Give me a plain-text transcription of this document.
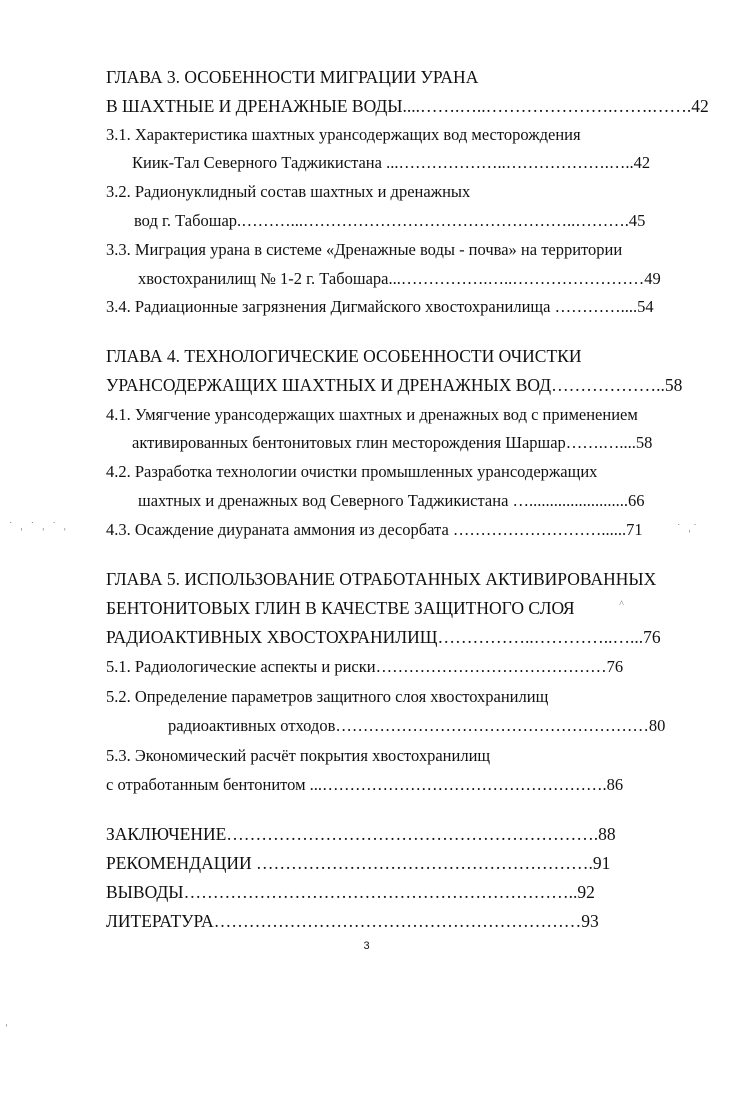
ГЛАВА 3. ОСОБЕННОСТИ МИГРАЦИИ УРАНА
В ШАХТНЫЕ И ДРЕНАЖНЫЕ ВОДЫ....…….…..………………….…….…….42
3.1. Характеристика шахтных урансодержащих вод месторождения
Киик-Тал Северного Таджикистана ...………………..……………….…..42
3.2. Радионуклидный состав шахтных и дренажных
вод г. Табошар.………...…………………………………………..……….45
3.3. Миграция урана в системе «Дренажные воды - почва» на территории
хвостохранилищ № 1-2 г. Табошара...…………….…..……………………49
3.4. Радиационные загрязнения Дигмайского хвостохранилища …………....54
ГЛАВА 4. ТЕХНОЛОГИЧЕСКИЕ ОСОБЕННОСТИ ОЧИСТКИ
УРАНСОДЕРЖАЩИХ ШАХТНЫХ И ДРЕНАЖНЫХ ВОД………………..58
4.1. Умягчение урансодержащих шахтных и дренажных вод с применением
активированных бентонитовых глин месторождения Шаршар…….…....58
4.2. Разработка технологии очистки промышленных урансодержащих
шахтных и дренажных вод Северного Таджикистана …........................66
4.3. Осаждение диураната аммония из десорбата ………………………......71
ГЛАВА 5. ИСПОЛЬЗОВАНИЕ ОТРАБОТАННЫХ АКТИВИРОВАННЫХ
БЕНТОНИТОВЫХ ГЛИН В КАЧЕСТВЕ ЗАЩИТНОГО СЛОЯ
РАДИОАКТИВНЫХ ХВОСТОХРАНИЛИЩ……………..…………..…...76
5.1. Радиологические аспекты и риски……………………………………76
5.2. Определение параметров защитного слоя хвостохранилищ
радиоактивных отходов…………………………………………………80
5.3. Экономический расчёт покрытия хвостохранилищ
с отработанным бентонитом ...…………………………………………….86
ЗАКЛЮЧЕНИЕ……………………………………………………….88
РЕКОМЕНДАЦИИ ………………………………………………….91
ВЫВОДЫ…………………………………………………………..92
ЛИТЕРАТУРА………………………………………………………93
3
˙ ˌ ˙ ˌ ˙ ˌ	˙ ˌ˙
˄
ˌ
